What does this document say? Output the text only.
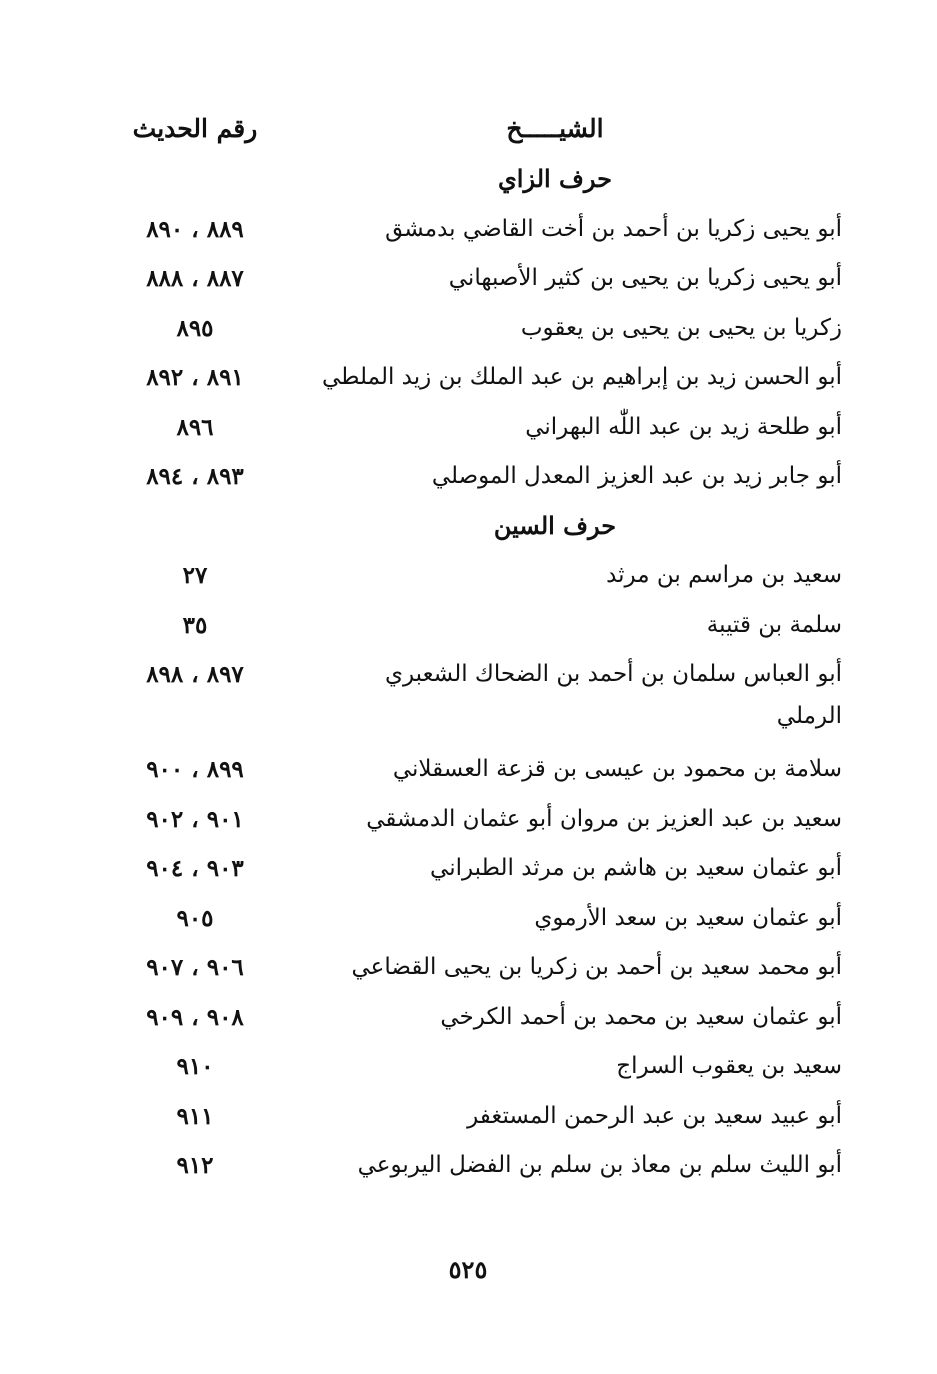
الشيـــــخ
رقم الحديث
حرف الزاي
أبو يحيى زكريا بن أحمد بن أخت القاضي بدمشق
٨٨٩ ، ٨٩٠
أبو يحيى زكريا بن يحيى بن كثير الأصبهاني
٨٨٧ ، ٨٨٨
زكريا بن يحيى بن يحيى بن يعقوب
٨٩٥
أبو الحسن زيد بن إبراهيم بن عبد الملك بن زيد الملطي
٨٩١ ، ٨٩٢
أبو طلحة زيد بن عبد اللّٰه البهراني
٨٩٦
أبو جابر زيد بن عبد العزيز المعدل الموصلي
٨٩٣ ، ٨٩٤
حرف السين
سعيد بن مراسم بن مرثد
٢٧
سلمة بن قتيبة
٣٥
أبو العباس سلمان بن أحمد بن الضحاك الشعبري
٨٩٧ ، ٨٩٨
الرملي
سلامة بن محمود بن عيسى بن قزعة العسقلاني
٨٩٩ ، ٩٠٠
سعيد بن عبد العزيز بن مروان أبو عثمان الدمشقي
٩٠١ ، ٩٠٢
أبو عثمان سعيد بن هاشم بن مرثد الطبراني
٩٠٣ ، ٩٠٤
أبو عثمان سعيد بن سعد الأرموي
٩٠٥
أبو محمد سعيد بن أحمد بن زكريا بن يحيى القضاعي
٩٠٦ ، ٩٠٧
أبو عثمان سعيد بن محمد بن أحمد الكرخي
٩٠٨ ، ٩٠٩
سعيد بن يعقوب السراج
٩١٠
أبو عبيد سعيد بن عبد الرحمن المستغفر
٩١١
أبو الليث سلم بن معاذ بن سلم بن الفضل اليربوعي
٩١٢
٥٢٥
